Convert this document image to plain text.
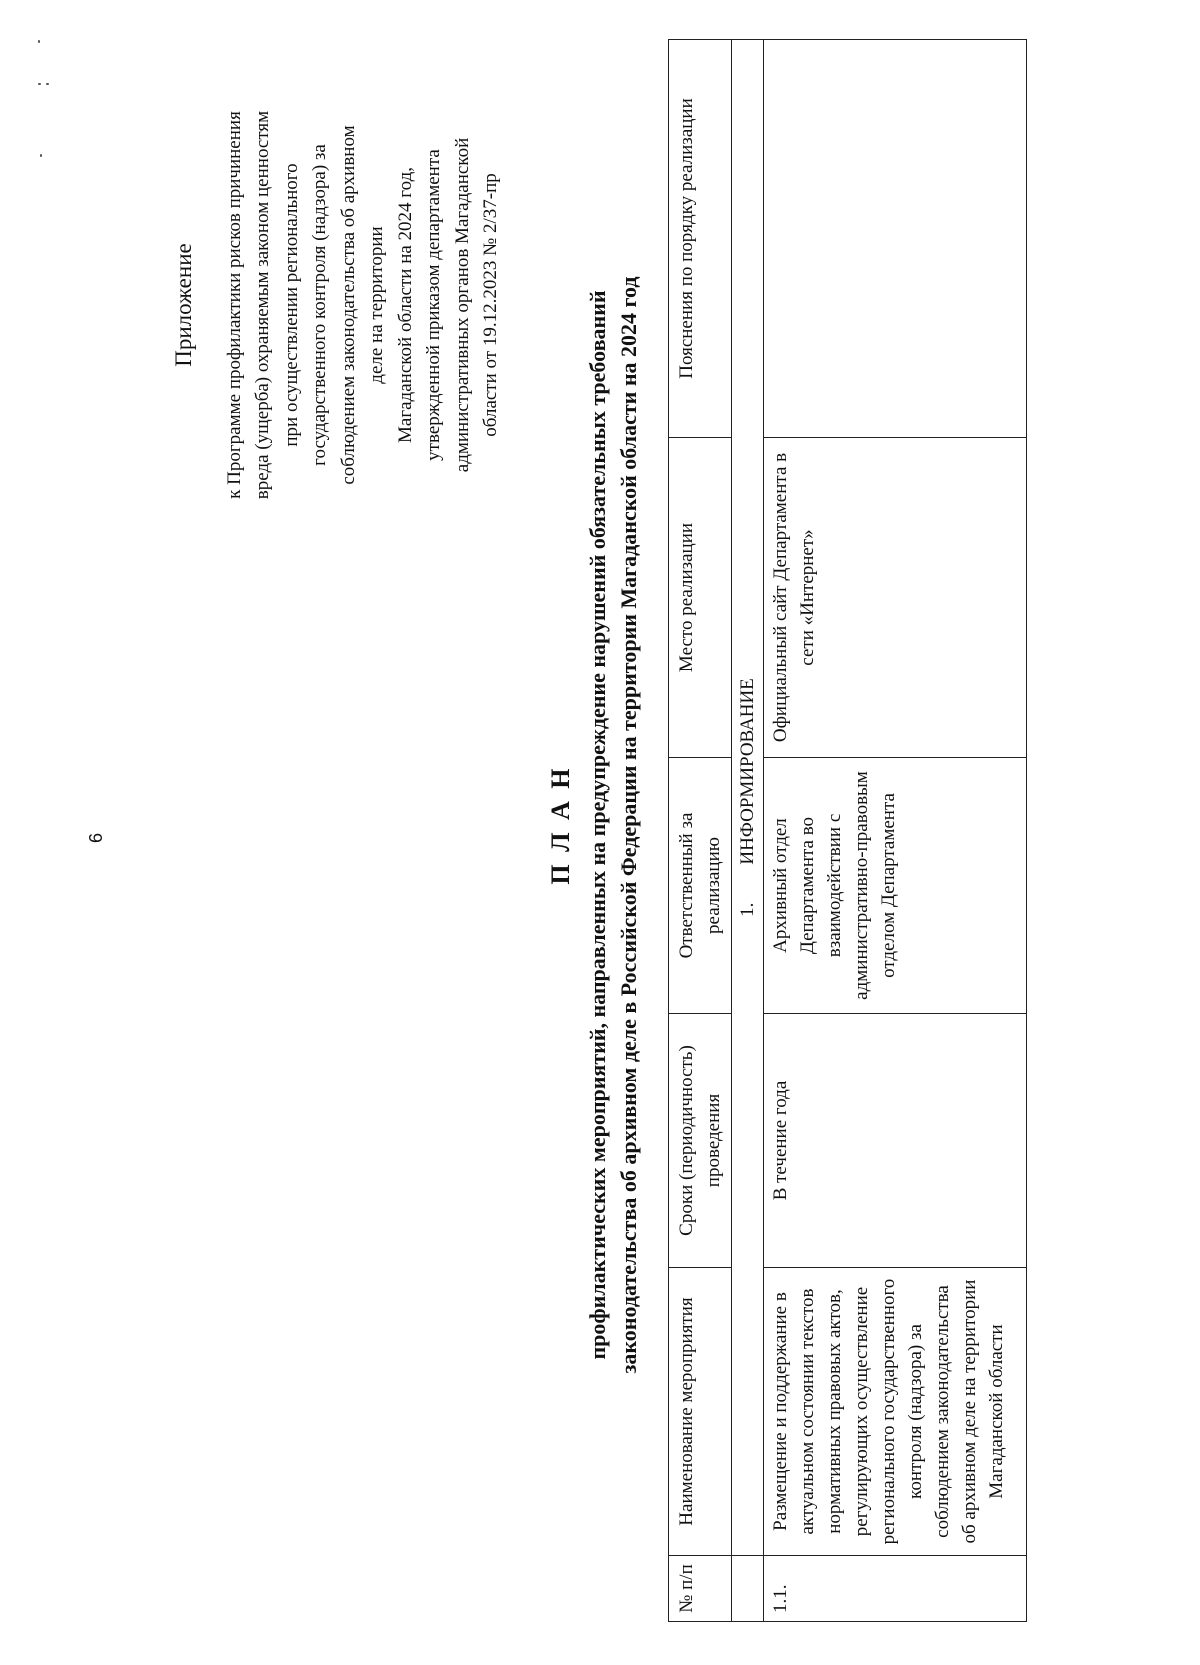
6
Приложение к Программе профилактики рисков причинения вреда (ущерба) охраняемым законом ценностям при осуществлении регионального государственного контроля (надзора) за соблюдением законодательства об архивном деле на территории Магаданской области на 2024 год, утвержденной приказом департамента административных органов Магаданской области от 19.12.2023 № 2/37-пр
П Л А Н профилактических мероприятий, направленных на предупреждение нарушений обязательных требований законодательства об архивном деле в Российской Федерации на территории Магаданской области на 2024 год
№ п/п	Наименование мероприятия	Сроки (периодичность) проведения	Ответственный за реализацию	Место реализации	Пояснения по порядку реализации
	1.        ИНФОРМИРОВАНИЕ				
1.1.	Размещение и поддержание в актуальном состоянии текстов нормативных правовых актов, регулирующих осуществление регионального государственного контроля (надзора) за соблюдением законодательства об архивном деле на территории Магаданской области	В течение года	Архивный отдел Департамента во взаимодействии с административно-правовым отделом Департамента	Официальный сайт Департамента в сети «Интернет»	
